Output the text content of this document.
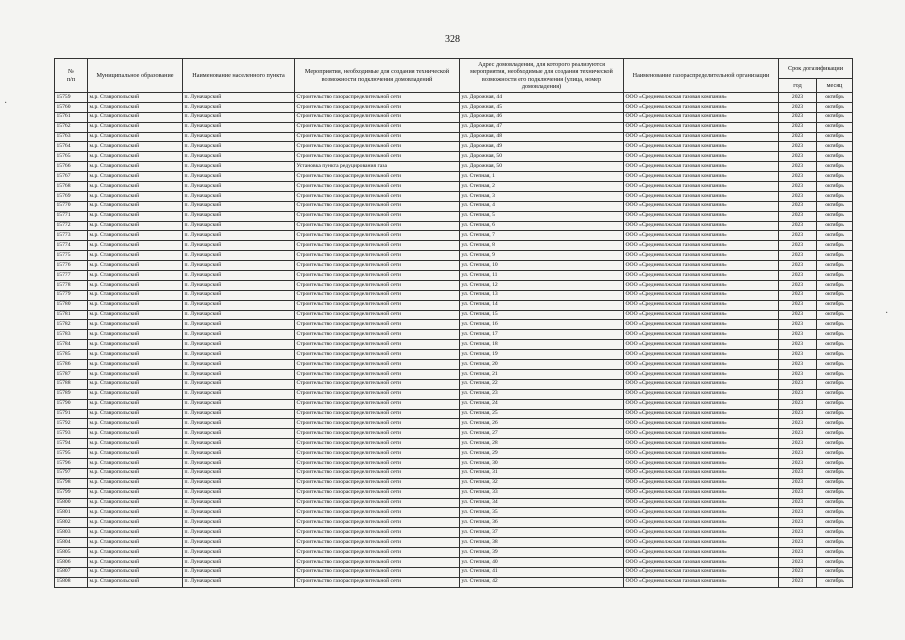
328
·
·
№
п/п	Муниципальное образование	Наименование населенного пункта	Мероприятия, необходимые для создания технической возможности подключения домовладений	Адрес домовладения, для которого реализуются мероприятия, необходимые для создания технической возможности его подключения (улица, номер домовладения)	Наименование газораспределительной организации	Срок догазификации	
						год	месяц
15759	м.р. Ставропольский	п. Луначарский	Строительство газораспределительной сети	ул. Дорожная, 44	ООО «Средневолжская газовая компания»	2023	октябрь
15760	м.р. Ставропольский	п. Луначарский	Строительство газораспределительной сети	ул. Дорожная, 45	ООО «Средневолжская газовая компания»	2023	октябрь
15761	м.р. Ставропольский	п. Луначарский	Строительство газораспределительной сети	ул. Дорожная, 46	ООО «Средневолжская газовая компания»	2023	октябрь
15762	м.р. Ставропольский	п. Луначарский	Строительство газораспределительной сети	ул. Дорожная, 47	ООО «Средневолжская газовая компания»	2023	октябрь
15763	м.р. Ставропольский	п. Луначарский	Строительство газораспределительной сети	ул. Дорожная, 48	ООО «Средневолжская газовая компания»	2023	октябрь
15764	м.р. Ставропольский	п. Луначарский	Строительство газораспределительной сети	ул. Дорожная, 49	ООО «Средневолжская газовая компания»	2023	октябрь
15765	м.р. Ставропольский	п. Луначарский	Строительство газораспределительной сети	ул. Дорожная, 50	ООО «Средневолжская газовая компания»	2023	октябрь
15766	м.р. Ставропольский	п. Луначарский	Установка пункта редуцирования газа	ул. Дорожная, 50	ООО «Средневолжская газовая компания»	2023	октябрь
15767	м.р. Ставропольский	п. Луначарский	Строительство газораспределительной сети	ул. Степная, 1	ООО «Средневолжская газовая компания»	2023	октябрь
15768	м.р. Ставропольский	п. Луначарский	Строительство газораспределительной сети	ул. Степная, 2	ООО «Средневолжская газовая компания»	2023	октябрь
15769	м.р. Ставропольский	п. Луначарский	Строительство газораспределительной сети	ул. Степная, 3	ООО «Средневолжская газовая компания»	2023	октябрь
15770	м.р. Ставропольский	п. Луначарский	Строительство газораспределительной сети	ул. Степная, 4	ООО «Средневолжская газовая компания»	2023	октябрь
15771	м.р. Ставропольский	п. Луначарский	Строительство газораспределительной сети	ул. Степная, 5	ООО «Средневолжская газовая компания»	2023	октябрь
15772	м.р. Ставропольский	п. Луначарский	Строительство газораспределительной сети	ул. Степная, 6	ООО «Средневолжская газовая компания»	2023	октябрь
15773	м.р. Ставропольский	п. Луначарский	Строительство газораспределительной сети	ул. Степная, 7	ООО «Средневолжская газовая компания»	2023	октябрь
15774	м.р. Ставропольский	п. Луначарский	Строительство газораспределительной сети	ул. Степная, 8	ООО «Средневолжская газовая компания»	2023	октябрь
15775	м.р. Ставропольский	п. Луначарский	Строительство газораспределительной сети	ул. Степная, 9	ООО «Средневолжская газовая компания»	2023	октябрь
15776	м.р. Ставропольский	п. Луначарский	Строительство газораспределительной сети	ул. Степная, 10	ООО «Средневолжская газовая компания»	2023	октябрь
15777	м.р. Ставропольский	п. Луначарский	Строительство газораспределительной сети	ул. Степная, 11	ООО «Средневолжская газовая компания»	2023	октябрь
15778	м.р. Ставропольский	п. Луначарский	Строительство газораспределительной сети	ул. Степная, 12	ООО «Средневолжская газовая компания»	2023	октябрь
15779	м.р. Ставропольский	п. Луначарский	Строительство газораспределительной сети	ул. Степная, 13	ООО «Средневолжская газовая компания»	2023	октябрь
15780	м.р. Ставропольский	п. Луначарский	Строительство газораспределительной сети	ул. Степная, 14	ООО «Средневолжская газовая компания»	2023	октябрь
15781	м.р. Ставропольский	п. Луначарский	Строительство газораспределительной сети	ул. Степная, 15	ООО «Средневолжская газовая компания»	2023	октябрь
15782	м.р. Ставропольский	п. Луначарский	Строительство газораспределительной сети	ул. Степная, 16	ООО «Средневолжская газовая компания»	2023	октябрь
15783	м.р. Ставропольский	п. Луначарский	Строительство газораспределительной сети	ул. Степная, 17	ООО «Средневолжская газовая компания»	2023	октябрь
15784	м.р. Ставропольский	п. Луначарский	Строительство газораспределительной сети	ул. Степная, 18	ООО «Средневолжская газовая компания»	2023	октябрь
15785	м.р. Ставропольский	п. Луначарский	Строительство газораспределительной сети	ул. Степная, 19	ООО «Средневолжская газовая компания»	2023	октябрь
15786	м.р. Ставропольский	п. Луначарский	Строительство газораспределительной сети	ул. Степная, 20	ООО «Средневолжская газовая компания»	2023	октябрь
15787	м.р. Ставропольский	п. Луначарский	Строительство газораспределительной сети	ул. Степная, 21	ООО «Средневолжская газовая компания»	2023	октябрь
15788	м.р. Ставропольский	п. Луначарский	Строительство газораспределительной сети	ул. Степная, 22	ООО «Средневолжская газовая компания»	2023	октябрь
15789	м.р. Ставропольский	п. Луначарский	Строительство газораспределительной сети	ул. Степная, 23	ООО «Средневолжская газовая компания»	2023	октябрь
15790	м.р. Ставропольский	п. Луначарский	Строительство газораспределительной сети	ул. Степная, 24	ООО «Средневолжская газовая компания»	2023	октябрь
15791	м.р. Ставропольский	п. Луначарский	Строительство газораспределительной сети	ул. Степная, 25	ООО «Средневолжская газовая компания»	2023	октябрь
15792	м.р. Ставропольский	п. Луначарский	Строительство газораспределительной сети	ул. Степная, 26	ООО «Средневолжская газовая компания»	2023	октябрь
15793	м.р. Ставропольский	п. Луначарский	Строительство газораспределительной сети	ул. Степная, 27	ООО «Средневолжская газовая компания»	2023	октябрь
15794	м.р. Ставропольский	п. Луначарский	Строительство газораспределительной сети	ул. Степная, 28	ООО «Средневолжская газовая компания»	2023	октябрь
15795	м.р. Ставропольский	п. Луначарский	Строительство газораспределительной сети	ул. Степная, 29	ООО «Средневолжская газовая компания»	2023	октябрь
15796	м.р. Ставропольский	п. Луначарский	Строительство газораспределительной сети	ул. Степная, 30	ООО «Средневолжская газовая компания»	2023	октябрь
15797	м.р. Ставропольский	п. Луначарский	Строительство газораспределительной сети	ул. Степная, 31	ООО «Средневолжская газовая компания»	2023	октябрь
15798	м.р. Ставропольский	п. Луначарский	Строительство газораспределительной сети	ул. Степная, 32	ООО «Средневолжская газовая компания»	2023	октябрь
15799	м.р. Ставропольский	п. Луначарский	Строительство газораспределительной сети	ул. Степная, 33	ООО «Средневолжская газовая компания»	2023	октябрь
15800	м.р. Ставропольский	п. Луначарский	Строительство газораспределительной сети	ул. Степная, 34	ООО «Средневолжская газовая компания»	2023	октябрь
15801	м.р. Ставропольский	п. Луначарский	Строительство газораспределительной сети	ул. Степная, 35	ООО «Средневолжская газовая компания»	2023	октябрь
15802	м.р. Ставропольский	п. Луначарский	Строительство газораспределительной сети	ул. Степная, 36	ООО «Средневолжская газовая компания»	2023	октябрь
15803	м.р. Ставропольский	п. Луначарский	Строительство газораспределительной сети	ул. Степная, 37	ООО «Средневолжская газовая компания»	2023	октябрь
15804	м.р. Ставропольский	п. Луначарский	Строительство газораспределительной сети	ул. Степная, 38	ООО «Средневолжская газовая компания»	2023	октябрь
15805	м.р. Ставропольский	п. Луначарский	Строительство газораспределительной сети	ул. Степная, 39	ООО «Средневолжская газовая компания»	2023	октябрь
15806	м.р. Ставропольский	п. Луначарский	Строительство газораспределительной сети	ул. Степная, 40	ООО «Средневолжская газовая компания»	2023	октябрь
15807	м.р. Ставропольский	п. Луначарский	Строительство газораспределительной сети	ул. Степная, 41	ООО «Средневолжская газовая компания»	2023	октябрь
15808	м.р. Ставропольский	п. Луначарский	Строительство газораспределительной сети	ул. Степная, 42	ООО «Средневолжская газовая компания»	2023	октябрь
